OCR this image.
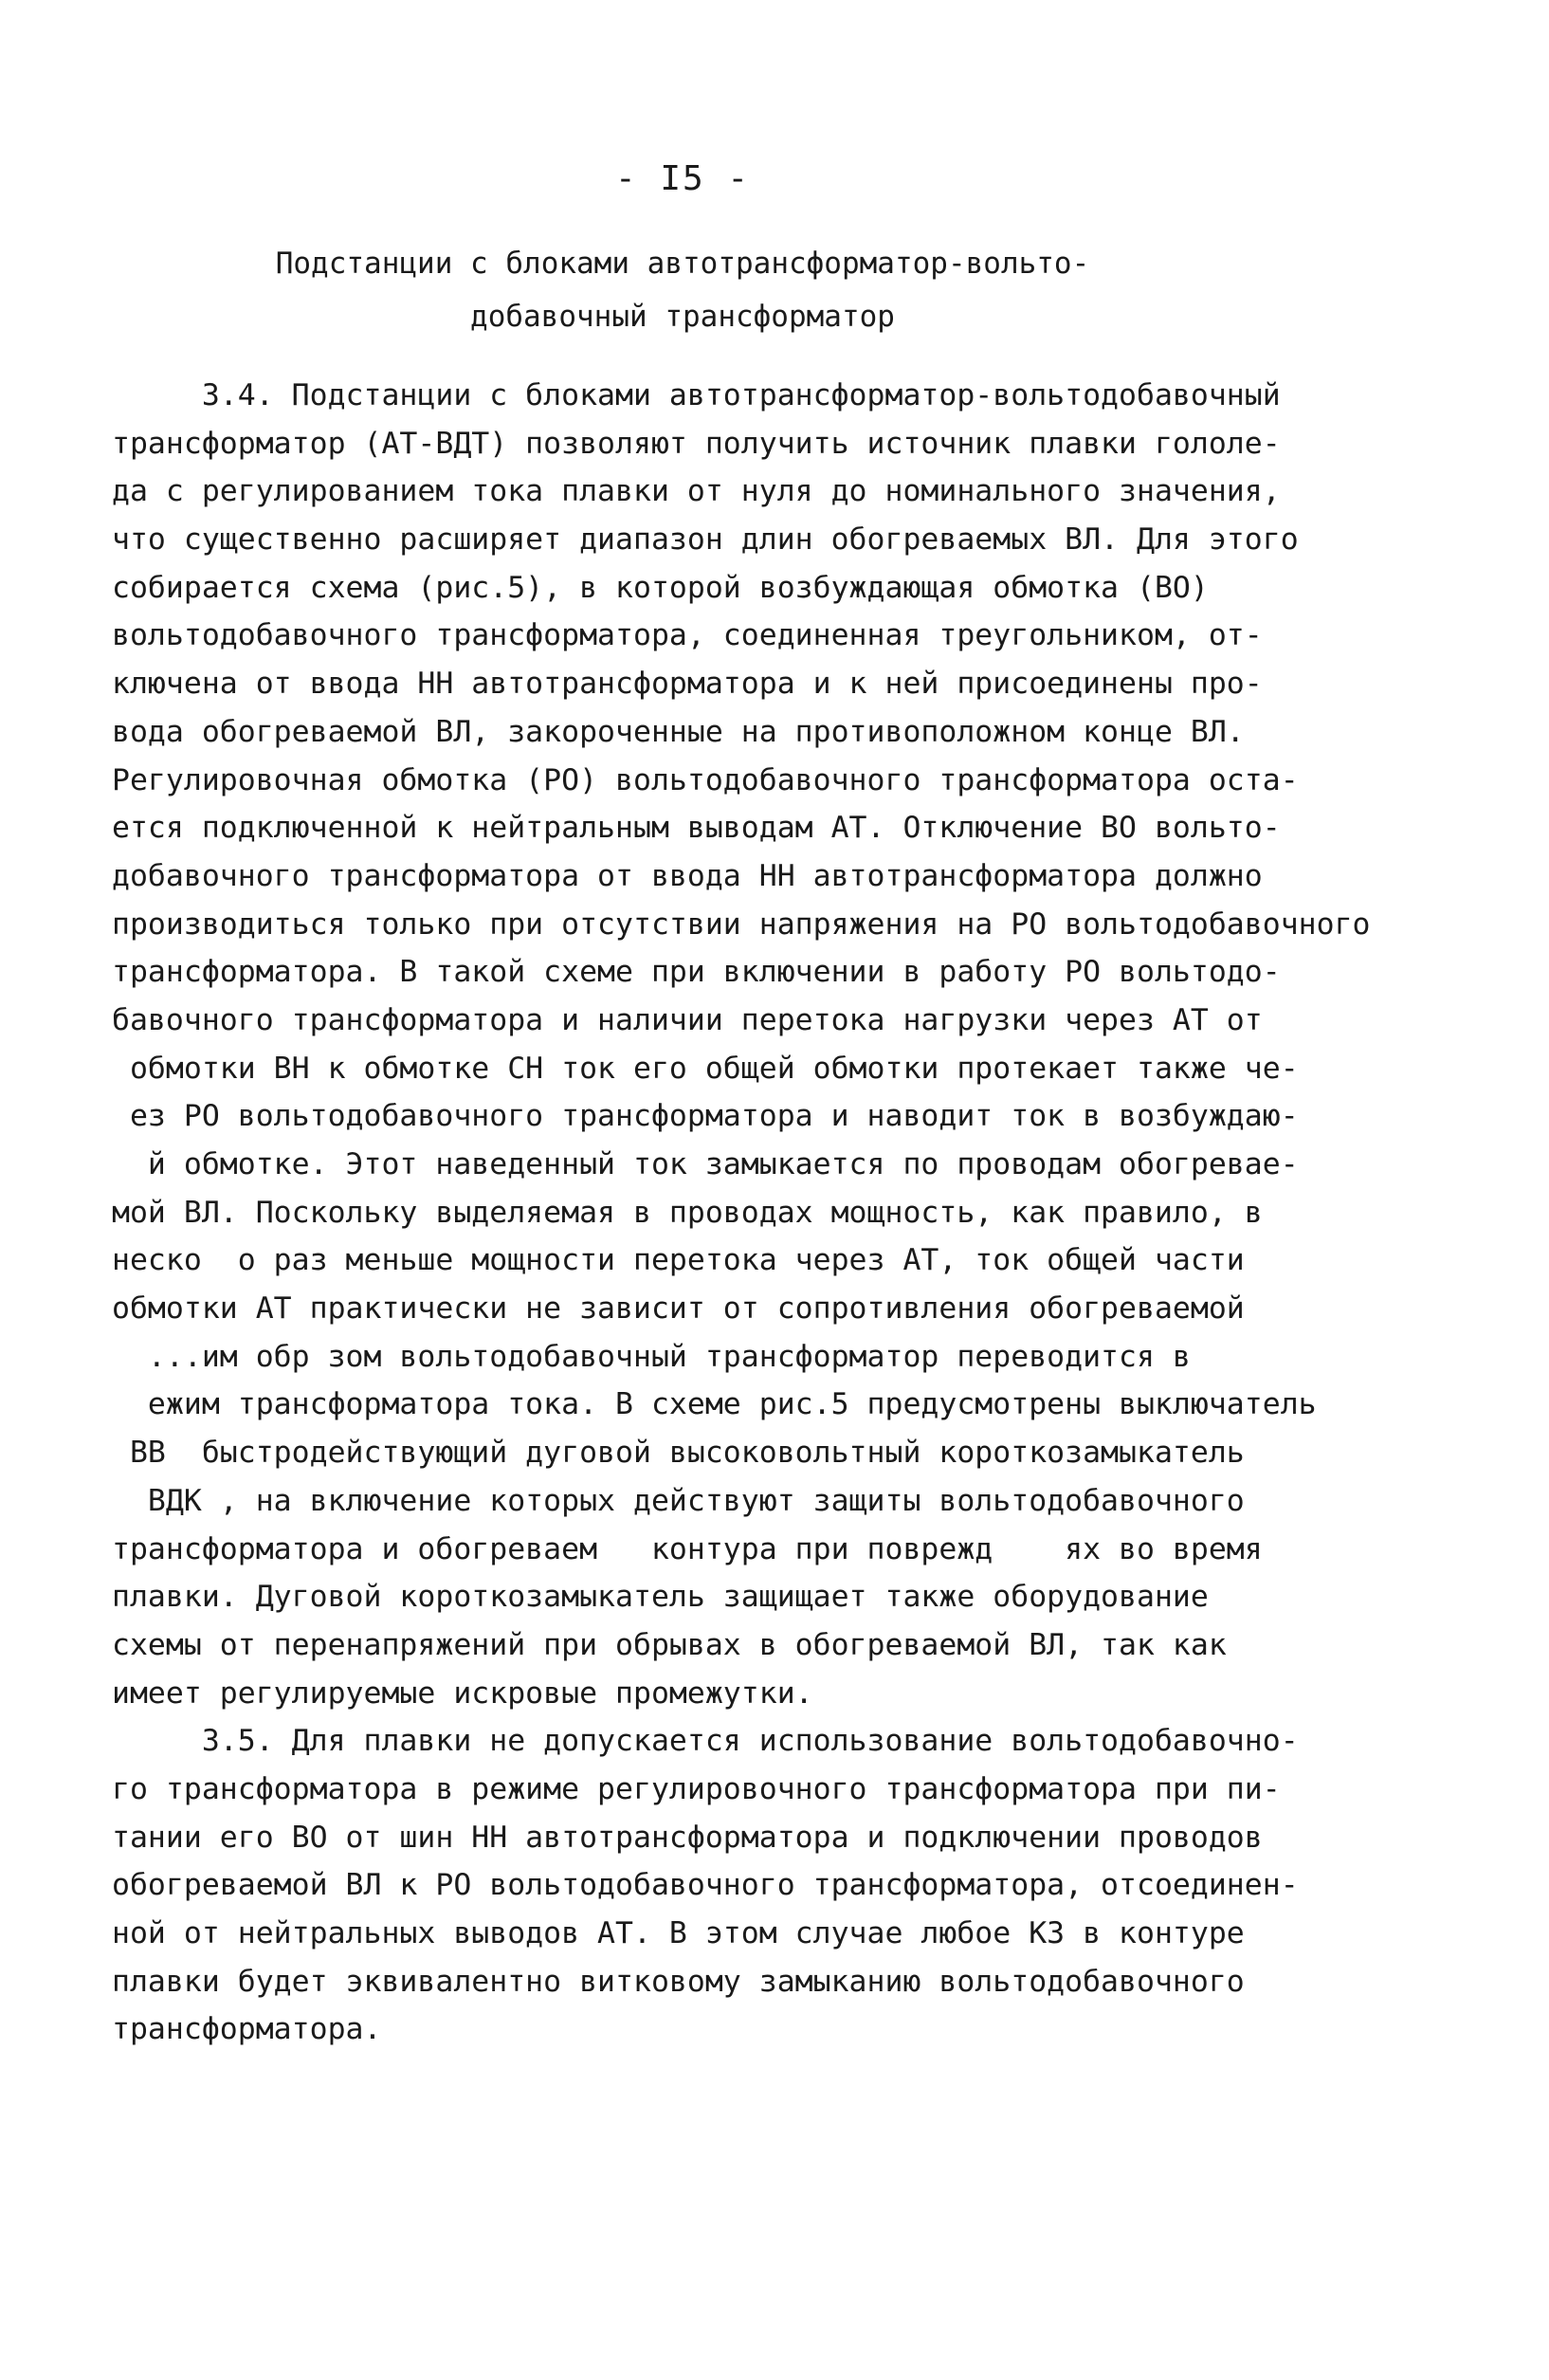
- I5 -
Подстанции с блоками автотрансформатор-вольто-
добавочный трансформатор
3.4. Подстанции с блоками автотрансформатор-вольтодобавочный
трансформатор (АТ-ВДТ) позволяют получить источник плавки гололе-
да с регулированием тока плавки от нуля до номинального значения,
что существенно расширяет диапазон длин обогреваемых ВЛ. Для этого
собирается схема (рис.5), в которой возбуждающая обмотка (ВО)
вольтодобавочного трансформатора, соединенная треугольником, от-
ключена от ввода НН автотрансформатора и к ней присоединены про-
вода обогреваемой ВЛ, закороченные на противоположном конце ВЛ.
Регулировочная обмотка (РО) вольтодобавочного трансформатора оста-
ется подключенной к нейтральным выводам АТ. Отключение ВО вольто-
добавочного трансформатора от ввода НН автотрансформатора должно
производиться только при отсутствии напряжения на РО вольтодобавочного
трансформатора. В такой схеме при включении в работу РО вольтодо-
бавочного трансформатора и наличии перетока нагрузки через АТ от
обмотки ВН к обмотке СН ток его общей обмотки протекает также че-
ез РО вольтодобавочного трансформатора и наводит ток в возбуждаю-
й обмотке. Этот наведенный ток замыкается по проводам обогревае-
мой ВЛ. Поскольку выделяемая в проводах мощность, как правило, в
неско  о раз меньше мощности перетока через АТ, ток общей части
обмотки АТ практически не зависит от сопротивления обогреваемой
...им обр зом вольтодобавочный трансформатор переводится в
ежим трансформатора тока. В схеме рис.5 предусмотрены выключатель
ВВ  быстродействующий дуговой высоковольтный короткозамыкатель
ВДК , на включение которых действуют защиты вольтодобавочного
трансформатора и обогреваем   контура при поврежд    ях во время
плавки. Дуговой короткозамыкатель защищает также оборудование
схемы от перенапряжений при обрывах в обогреваемой ВЛ, так как
имеет регулируемые искровые промежутки.
3.5. Для плавки не допускается использование вольтодобавочно-
го трансформатора в режиме регулировочного трансформатора при пи-
тании его ВО от шин НН автотрансформатора и подключении проводов
обогреваемой ВЛ к РО вольтодобавочного трансформатора, отсоединен-
ной от нейтральных выводов АТ. В этом случае любое КЗ в контуре
плавки будет эквивалентно витковому замыканию вольтодобавочного
трансформатора.
